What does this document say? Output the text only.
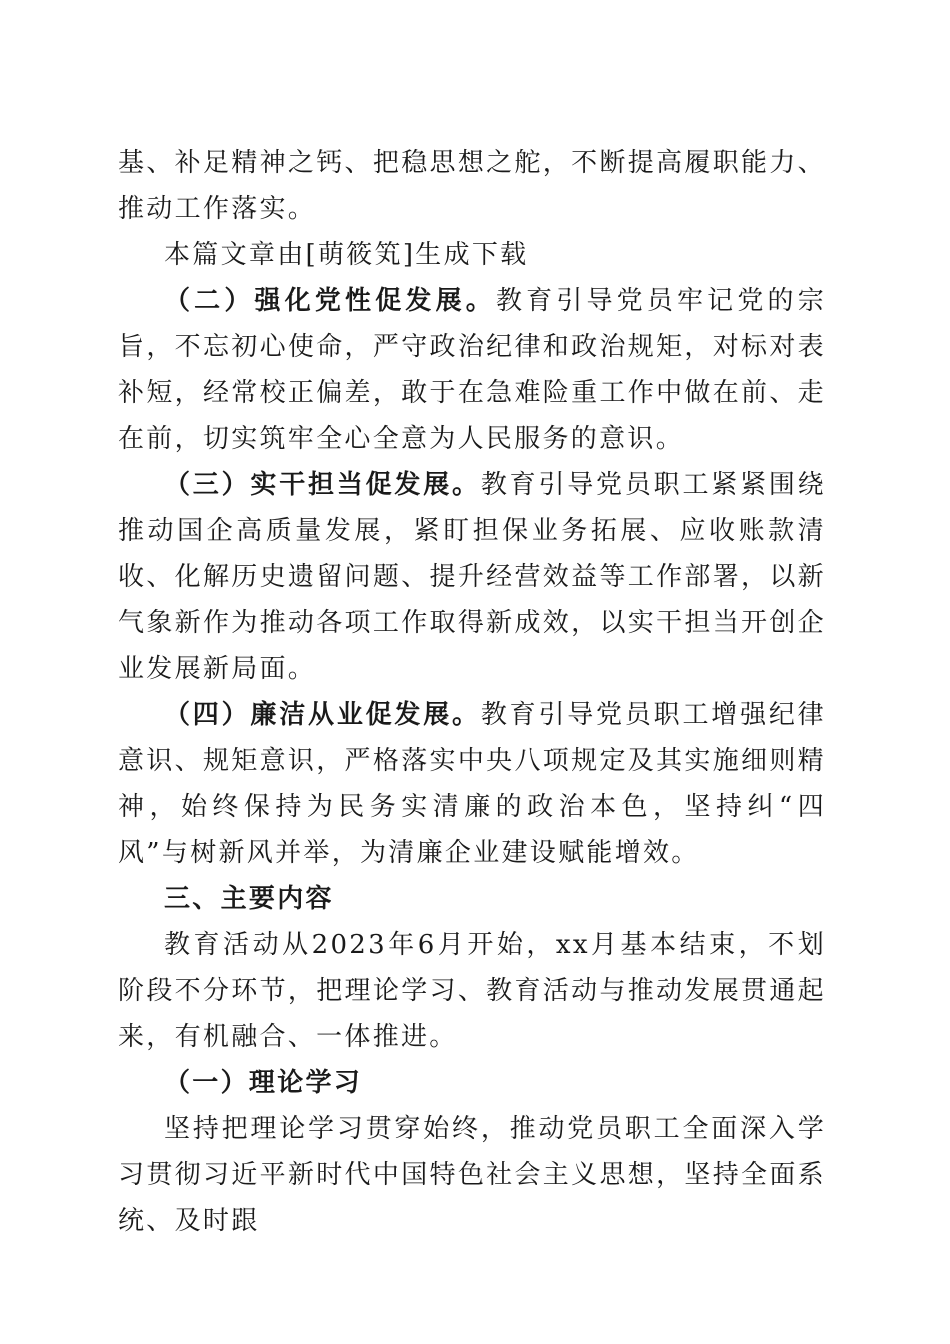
基、补足精神之钙、把稳思想之舵，不断提高履职能力、推动工作落实。

本篇文章由[萌筱笂]生成下载

（二）强化党性促发展。教育引导党员牢记党的宗旨，不忘初心使命，严守政治纪律和政治规矩，对标对表补短，经常校正偏差，敢于在急难险重工作中做在前、走在前，切实筑牢全心全意为人民服务的意识。

（三）实干担当促发展。教育引导党员职工紧紧围绕推动国企高质量发展，紧盯担保业务拓展、应收账款清收、化解历史遗留问题、提升经营效益等工作部署，以新气象新作为推动各项工作取得新成效，以实干担当开创企业发展新局面。

（四）廉洁从业促发展。教育引导党员职工增强纪律意识、规矩意识，严格落实中央八项规定及其实施细则精神，始终保持为民务实清廉的政治本色，坚持纠“四风”与树新风并举，为清廉企业建设赋能增效。

三、主要内容

教育活动从2023年6月开始，xx月基本结束，不划阶段不分环节，把理论学习、教育活动与推动发展贯通起来，有机融合、一体推进。

（一）理论学习

坚持把理论学习贯穿始终，推动党员职工全面深入学习贯彻习近平新时代中国特色社会主义思想，坚持全面系统、及时跟
